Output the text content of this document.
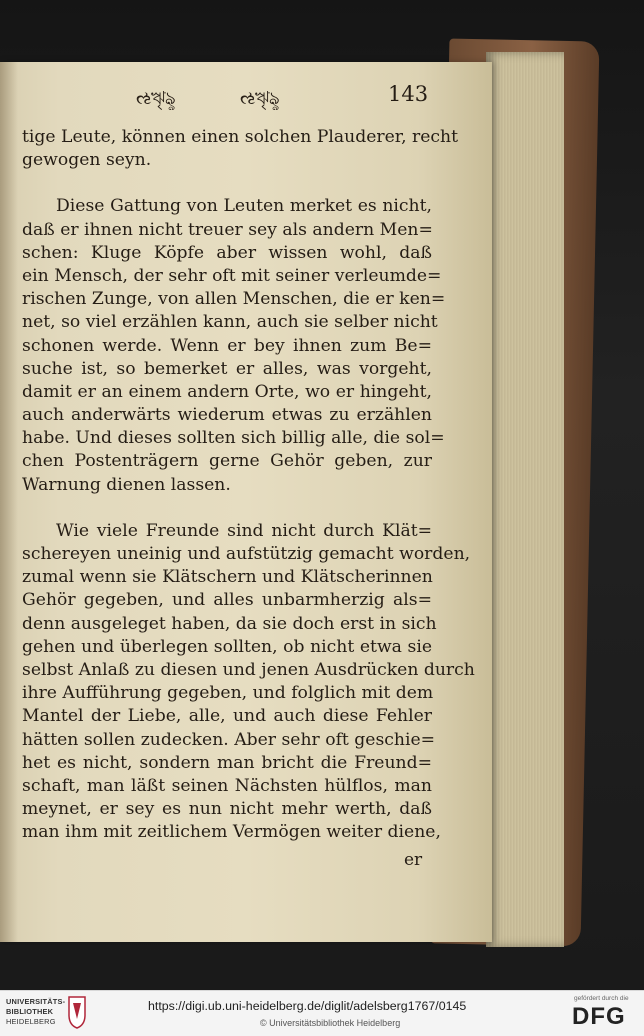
ઌৠৡ	ઌৠৡ	143
tige Leute, können einen solchen Plauderer, recht
gewogen seyn.
Diese Gattung von Leuten merket es nicht,
daß er ihnen nicht treuer sey als andern Men=
schen: Kluge Köpfe aber wissen wohl, daß
ein Mensch, der sehr oft mit seiner verleumde=
rischen Zunge, von allen Menschen, die er ken=
net, so viel erzählen kann, auch sie selber nicht
schonen werde. Wenn er bey ihnen zum Be=
suche ist, so bemerket er alles, was vorgeht,
damit er an einem andern Orte, wo er hingeht,
auch anderwärts wiederum etwas zu erzählen
habe. Und dieses sollten sich billig alle, die sol=
chen Postenträgern gerne Gehör geben, zur
Warnung dienen lassen.
Wie viele Freunde sind nicht durch Klät=
schereyen uneinig und aufstützig gemacht worden,
zumal wenn sie Klätschern und Klätscherinnen
Gehör gegeben, und alles unbarmherzig als=
denn ausgeleget haben, da sie doch erst in sich
gehen und überlegen sollten, ob nicht etwa sie
selbst Anlaß zu diesen und jenen Ausdrücken durch
ihre Aufführung gegeben, und folglich mit dem
Mantel der Liebe, alle, und auch diese Fehler
hätten sollen zudecken. Aber sehr oft geschie=
het es nicht, sondern man bricht die Freund=
schaft, man läßt seinen Nächsten hülflos, man
meynet, er sey es nun nicht mehr werth, daß
man ihm mit zeitlichem Vermögen weiter diene,
er
UNIVERSITÄTS-
BIBLIOTHEK
HEIDELBERG
https://digi.ub.uni-heidelberg.de/diglit/adelsberg1767/0145
© Universitätsbibliothek Heidelberg
gefördert durch die
DFG
